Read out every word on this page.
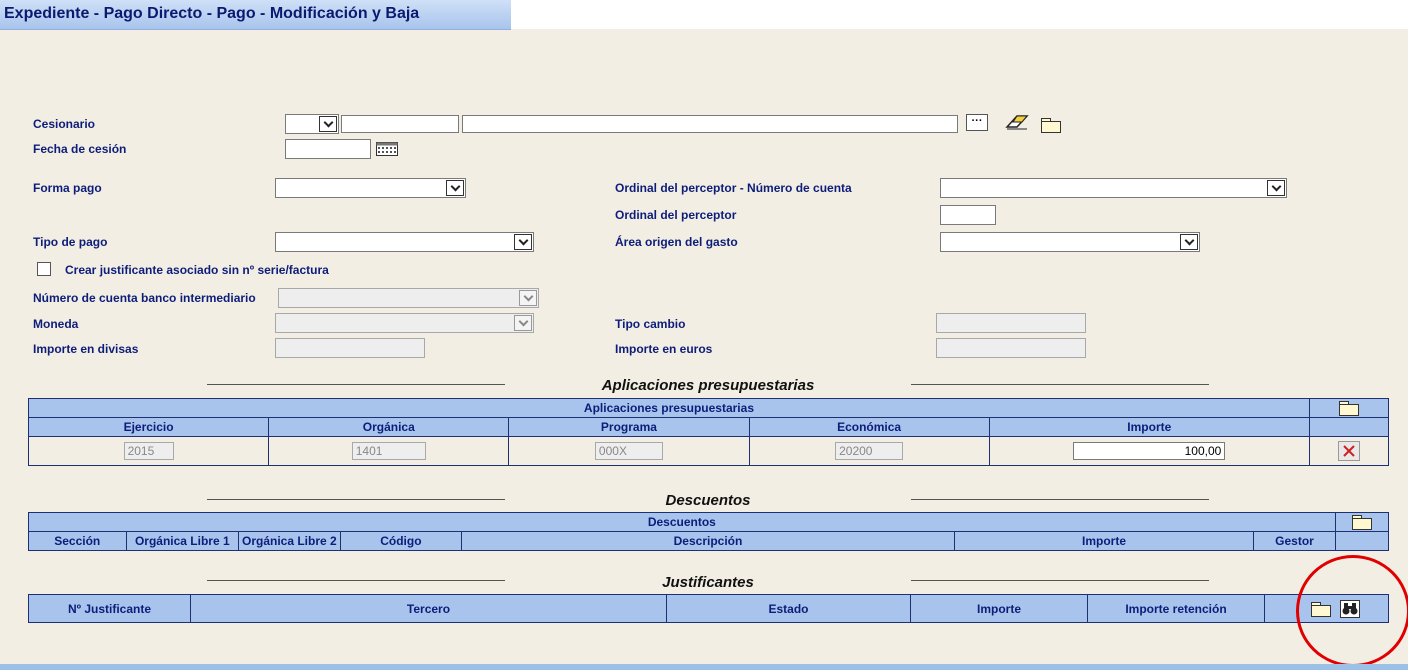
Expediente - Pago Directo - Pago - Modificación y Baja
Cesionario	···
Fecha de cesión
Forma pago	Ordinal del perceptor - Número de cuenta
Ordinal del perceptor
Tipo de pago	Área origen del gasto
Crear justificante asociado sin nº serie/factura
Número de cuenta banco intermediario
Moneda	Tipo cambio
Importe en divisas	Importe en euros
Aplicaciones presupuestarias
Aplicaciones presupuestarias					
Ejercicio	Orgánica	Programa	Económica	Importe	
2015	1401	000X	20200	100,00	
Descuentos
Descuentos							
Sección	Orgánica Libre 1	Orgánica Libre 2	Código	Descripción	Importe	Gestor	
Justificantes
Nº Justificante	Tercero	Estado	Importe	Importe retención	
